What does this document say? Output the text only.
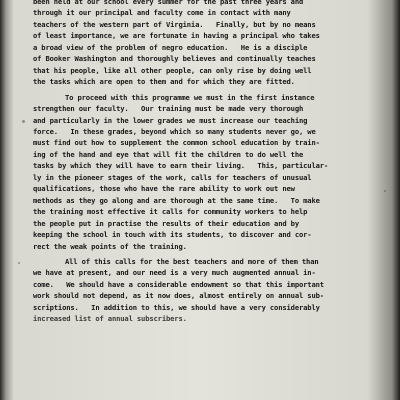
been held at our school every summer for the past three years and
through it our principal and faculty come in contact with many
teachers of the western part of Virginia.   Finally, but by no means
of least importance, we are fortunate in having a principal who takes
a broad view of the problem of negro education.   He is a disciple
of Booker Washington and thoroughly believes and continually teaches
that his people, like all other people, can only rise by doing well
the tasks which are open to them and for which they are fitted.
To proceed with this programme we must in the first instance
strengthen our faculty.   Our training must be made very thorough
and particularly in the lower grades we must increase our teaching
force.   In these grades, beyond which so many students never go, we
must find out how to supplement the common school education by train-
ing of the hand and eye that will fit the children to do well the
tasks by which they will have to earn their living.   This, particular-
ly in the pioneer stages of the work, calls for teachers of unusual
qualifications, those who have the rare ability to work out new
methods as they go along and are thorough at the same time.   To make
the training most effective it calls for community workers to help
the people put in practise the results of their education and by
keeping the school in touch with its students, to discover and cor-
rect the weak points of the training.
All of this calls for the best teachers and more of them than
we have at present, and our need is a very much augmented annual in-
come.   We should have a considerable endowment so that this important
work should not depend, as it now does, almost entirely on annual sub-
scriptions.   In addition to this, we should have a very considerably
increased list of annual subscribers.
